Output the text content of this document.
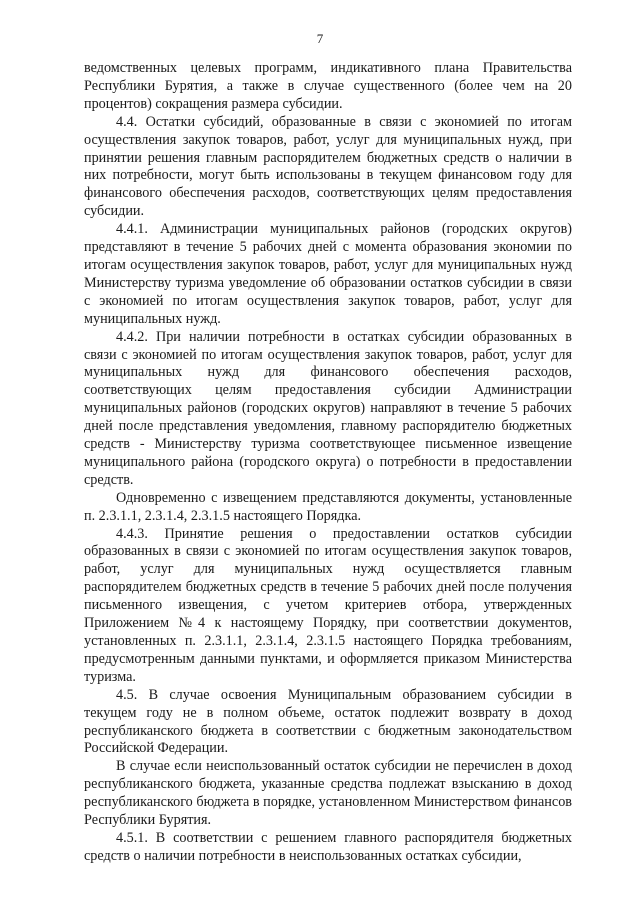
7

ведомственных целевых программ, индикативного плана Правительства Республики Бурятия, а также в случае существенного (более чем на 20 процентов) сокращения размера субсидии.

4.4. Остатки субсидий, образованные в связи с экономией по итогам осуществления закупок товаров, работ, услуг для муниципальных нужд, при принятии решения главным распорядителем бюджетных средств о наличии в них потребности, могут быть использованы в текущем финансовом году для финансового обеспечения расходов, соответствующих целям предоставления субсидии.

4.4.1. Администрации муниципальных районов (городских округов) представляют в течение 5 рабочих дней с момента образования экономии по итогам осуществления закупок товаров, работ, услуг для муниципальных нужд Министерству туризма уведомление об образовании остатков субсидии в связи с экономией по итогам осуществления закупок товаров, работ, услуг для муниципальных нужд.

4.4.2. При наличии потребности в остатках субсидии образованных в связи с экономией по итогам осуществления закупок товаров, работ, услуг для муниципальных нужд для финансового обеспечения расходов, соответствующих целям предоставления субсидии Администрации муниципальных районов (городских округов) направляют в течение 5 рабочих дней после представления уведомления, главному распорядителю бюджетных средств - Министерству туризма соответствующее письменное извещение муниципального района (городского округа) о потребности в предоставлении средств.

Одновременно с извещением представляются документы, установленные п. 2.3.1.1, 2.3.1.4, 2.3.1.5 настоящего Порядка.

4.4.3. Принятие решения о предоставлении остатков субсидии образованных в связи с экономией по итогам осуществления закупок товаров, работ, услуг для муниципальных нужд осуществляется главным распорядителем бюджетных средств в течение 5 рабочих дней после получения письменного извещения, с учетом критериев отбора, утвержденных Приложением №4 к настоящему Порядку, при соответствии документов, установленных п. 2.3.1.1, 2.3.1.4, 2.3.1.5 настоящего Порядка требованиям, предусмотренным данными пунктами, и оформляется приказом Министерства туризма.

4.5. В случае освоения Муниципальным образованием субсидии в текущем году не в полном объеме, остаток подлежит возврату в доход республиканского бюджета в соответствии с бюджетным законодательством Российской Федерации.

В случае если неиспользованный остаток субсидии не перечислен в доход республиканского бюджета, указанные средства подлежат взысканию в доход республиканского бюджета в порядке, установленном Министерством финансов Республики Бурятия.

4.5.1. В соответствии с решением главного распорядителя бюджетных средств о наличии потребности в неиспользованных остатках субсидии,
